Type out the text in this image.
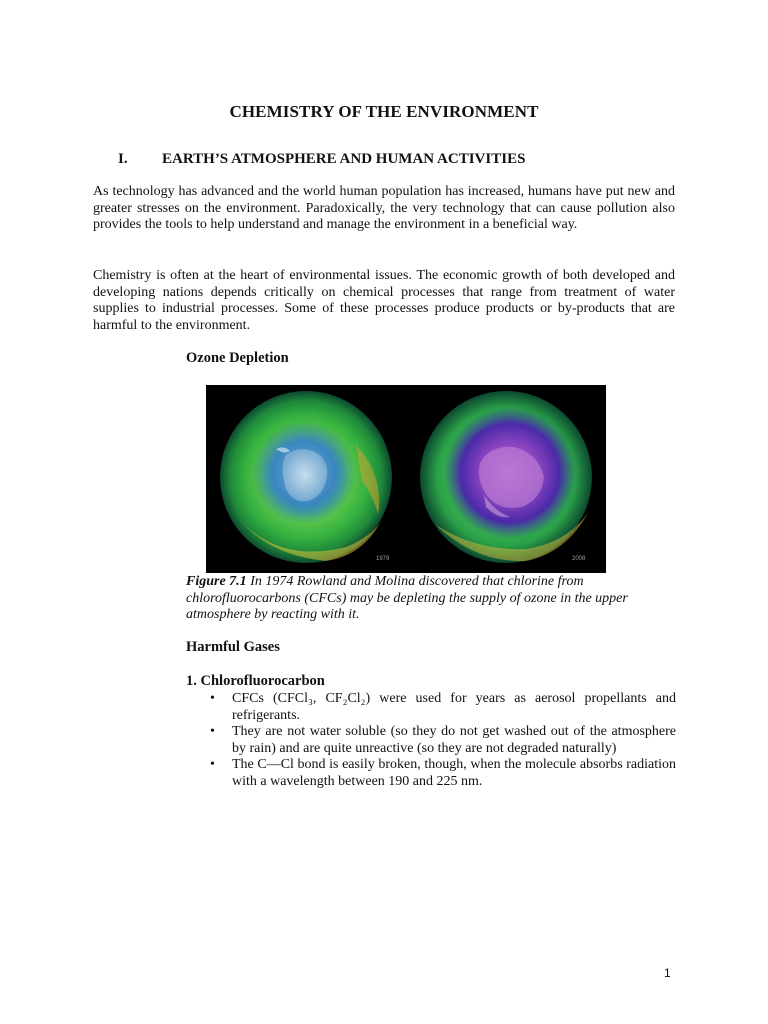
CHEMISTRY OF THE ENVIRONMENT
I. EARTH’S ATMOSPHERE AND HUMAN ACTIVITIES

As technology has advanced and the world human population has increased, humans have put new and greater stresses on the environment. Paradoxically, the very technology that can cause pollution also provides the tools to help understand and manage the environment in a beneficial way.

Chemistry is often at the heart of environmental issues. The economic growth of both developed and developing nations depends critically on chemical processes that range from treatment of water supplies to industrial processes. Some of these processes produce products or by-products that are harmful to the environment.

Ozone Depletion
1979	2008

Figure 7.1 In 1974 Rowland and Molina discovered that chlorine from chlorofluorocarbons (CFCs) may be depleting the supply of ozone in the upper atmosphere by reacting with it.

Harmful Gases
1. Chlorofluorocarbon
• CFCs (CFCl₃, CF₂Cl₂) were used for years as aerosol propellants and refrigerants.
• They are not water soluble (so they do not get washed out of the atmosphere by rain) and are quite unreactive (so they are not degraded naturally)
• The C—Cl bond is easily broken, though, when the molecule absorbs radiation with a wavelength between 190 and 225 nm.
1
